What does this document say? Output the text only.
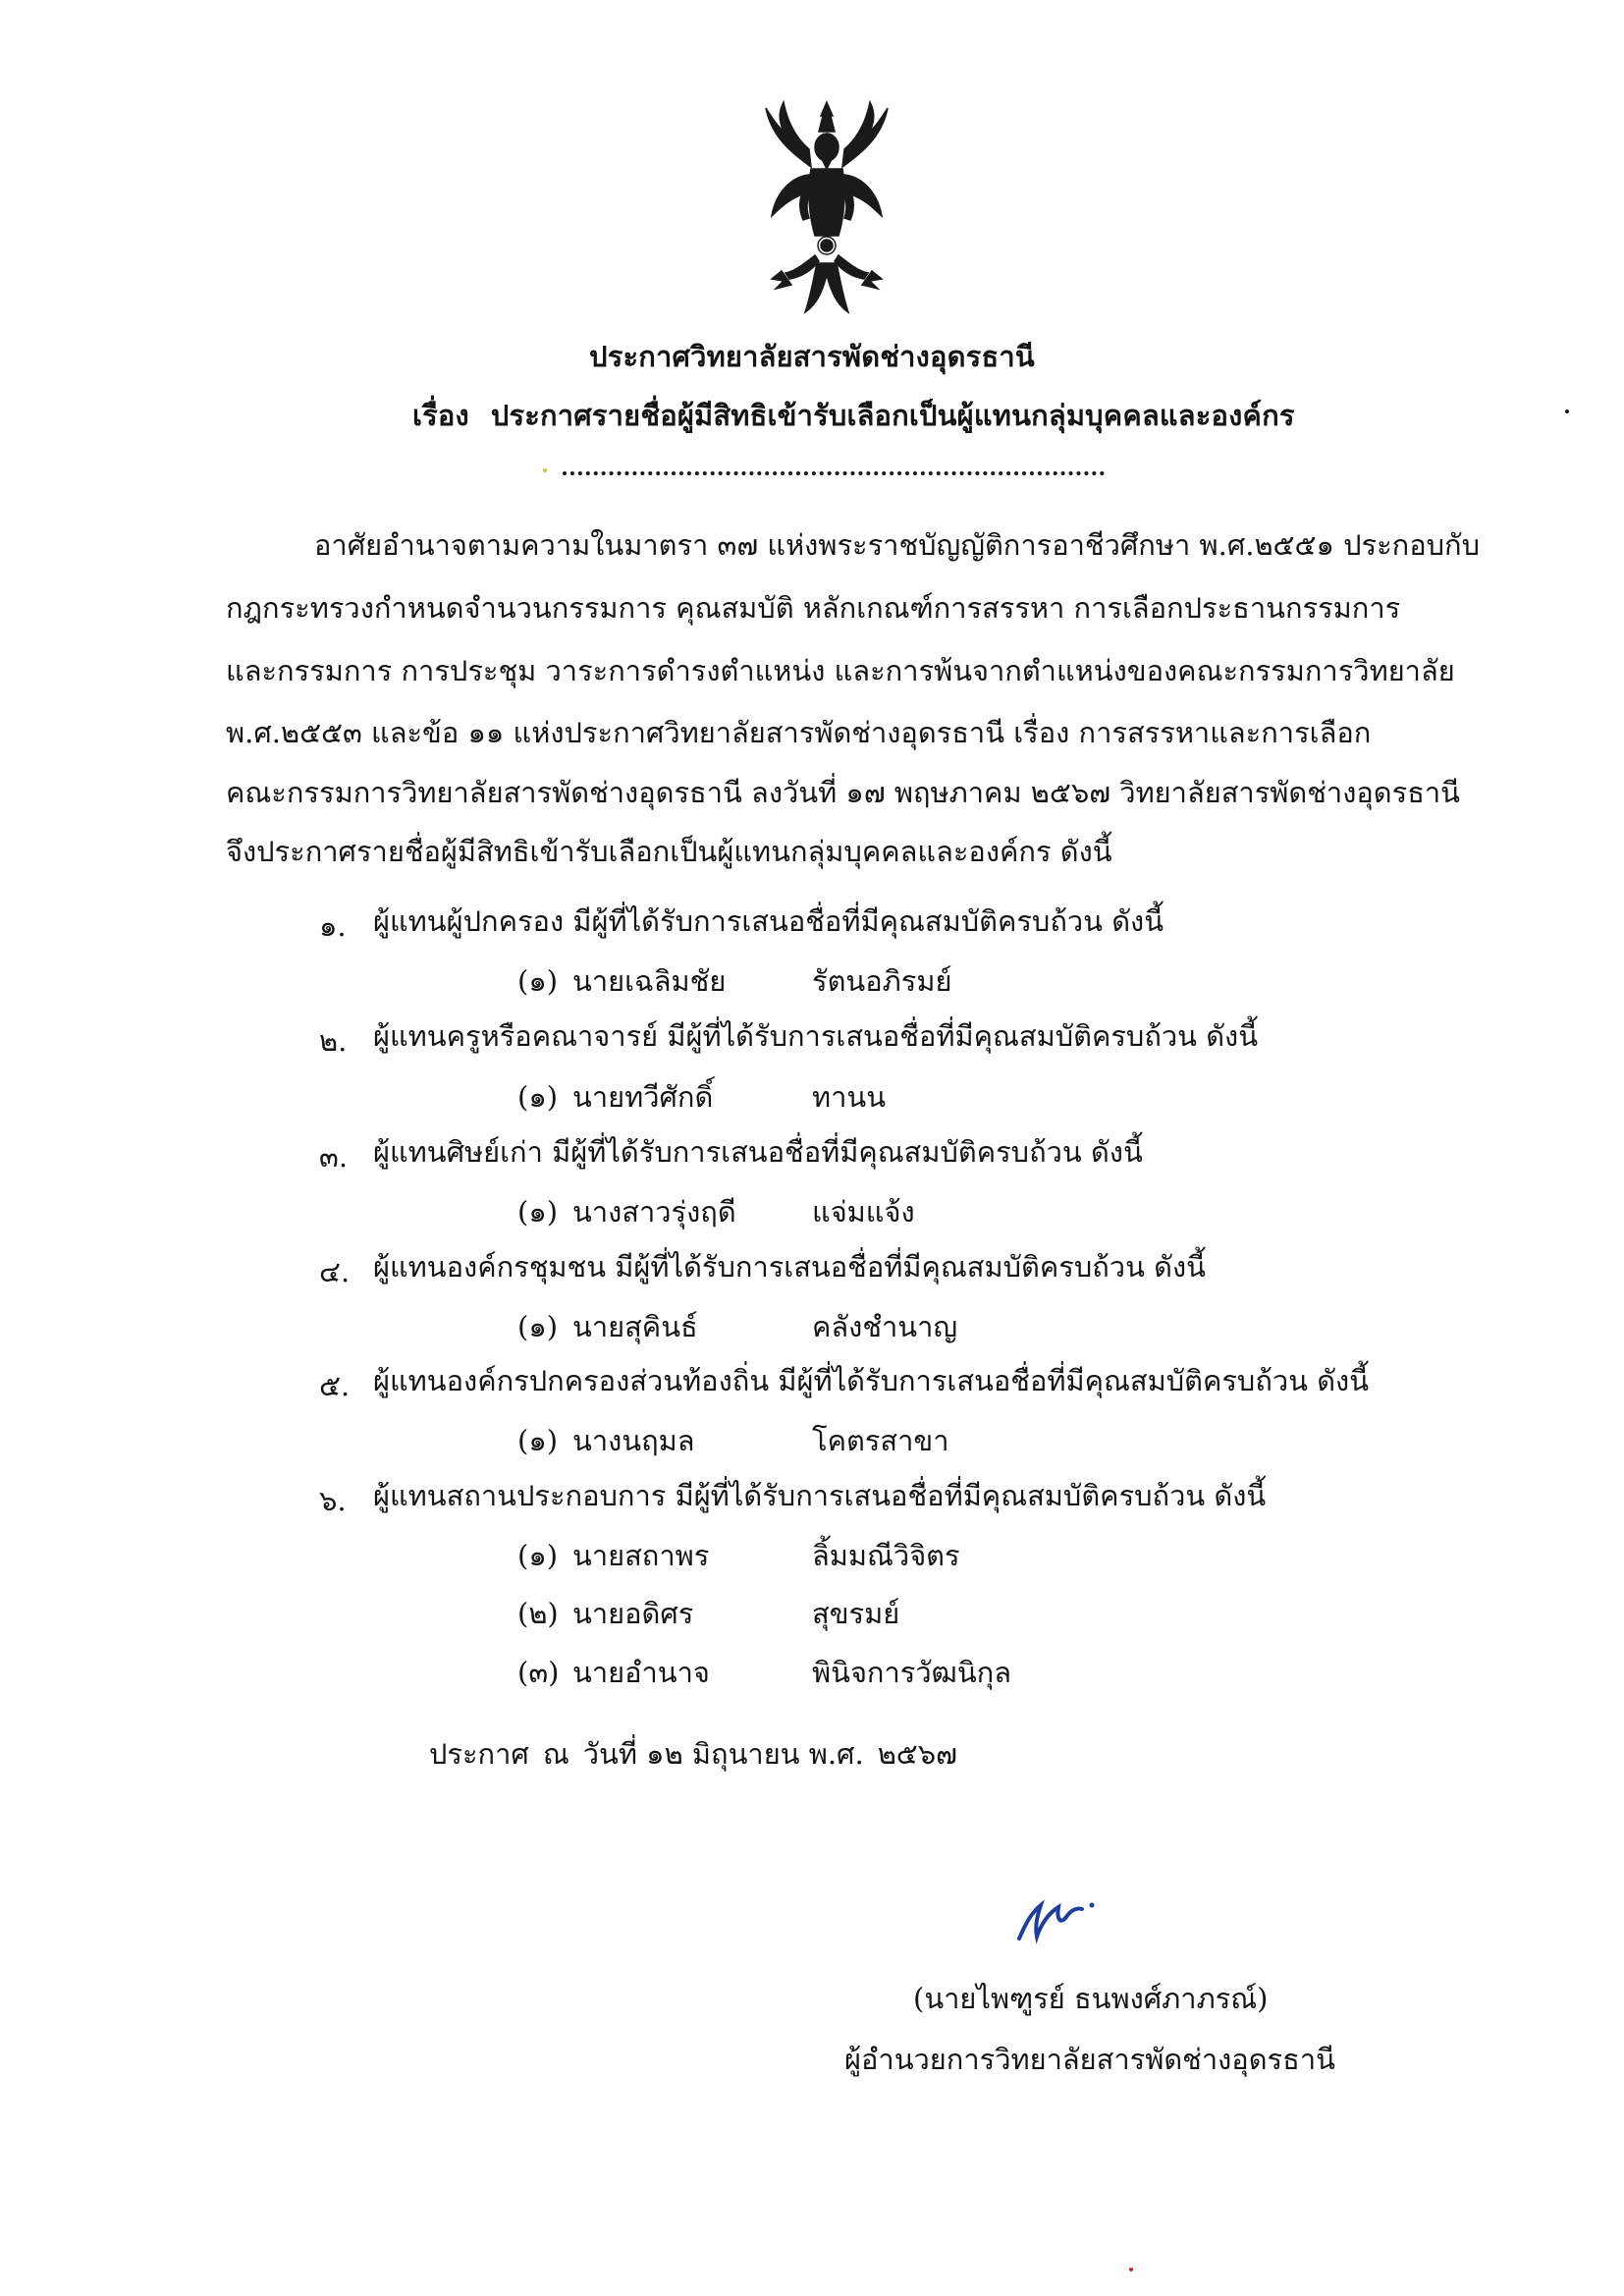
ประกาศวิทยาลัยสารพัดช่างอุดรธานี
เรื่อง ประกาศรายชื่อผู้มีสิทธิเข้ารับเลือกเป็นผู้แทนกลุ่มบุคคลและองค์กร
อาศัยอำนาจตามความในมาตรา ๓๗ แห่งพระราชบัญญัติการอาชีวศึกษา พ.ศ.๒๕๕๑ ประกอบกับ
กฎกระทรวงกำหนดจำนวนกรรมการ คุณสมบัติ หลักเกณฑ์การสรรหา การเลือกประธานกรรมการ
และกรรมการ การประชุม วาระการดำรงตำแหน่ง และการพ้นจากตำแหน่งของคณะกรรมการวิทยาลัย
พ.ศ.๒๕๕๓ และข้อ ๑๑ แห่งประกาศวิทยาลัยสารพัดช่างอุดรธานี เรื่อง การสรรหาและการเลือก
คณะกรรมการวิทยาลัยสารพัดช่างอุดรธานี ลงวันที่ ๑๗ พฤษภาคม ๒๕๖๗ วิทยาลัยสารพัดช่างอุดรธานี
จึงประกาศรายชื่อผู้มีสิทธิเข้ารับเลือกเป็นผู้แทนกลุ่มบุคคลและองค์กร ดังนี้
๑. ผู้แทนผู้ปกครอง มีผู้ที่ได้รับการเสนอชื่อที่มีคุณสมบัติครบถ้วน ดังนี้
(๑) นายเฉลิมชัย	รัตนอภิรมย์
๒. ผู้แทนครูหรือคณาจารย์ มีผู้ที่ได้รับการเสนอชื่อที่มีคุณสมบัติครบถ้วน ดังนี้
(๑) นายทวีศักดิ์	ทานน
๓. ผู้แทนศิษย์เก่า มีผู้ที่ได้รับการเสนอชื่อที่มีคุณสมบัติครบถ้วน ดังนี้
(๑) นางสาวรุ่งฤดี	แจ่มแจ้ง
๔. ผู้แทนองค์กรชุมชน มีผู้ที่ได้รับการเสนอชื่อที่มีคุณสมบัติครบถ้วน ดังนี้
(๑) นายสุคินธ์	คลังชำนาญ
๕. ผู้แทนองค์กรปกครองส่วนท้องถิ่น มีผู้ที่ได้รับการเสนอชื่อที่มีคุณสมบัติครบถ้วน ดังนี้
(๑) นางนฤมล	โคตรสาขา
๖. ผู้แทนสถานประกอบการ มีผู้ที่ได้รับการเสนอชื่อที่มีคุณสมบัติครบถ้วน ดังนี้
(๑) นายสถาพร	ลิ้มมณีวิจิตร
(๒) นายอดิศร	สุขรมย์
(๓) นายอำนาจ	พินิจการวัฒนิกุล
ประกาศ ณ วันที่ ๑๒ มิถุนายน พ.ศ. ๒๕๖๗
(นายไพฑูรย์ ธนพงศ์ภาภรณ์)
ผู้อำนวยการวิทยาลัยสารพัดช่างอุดรธานี
